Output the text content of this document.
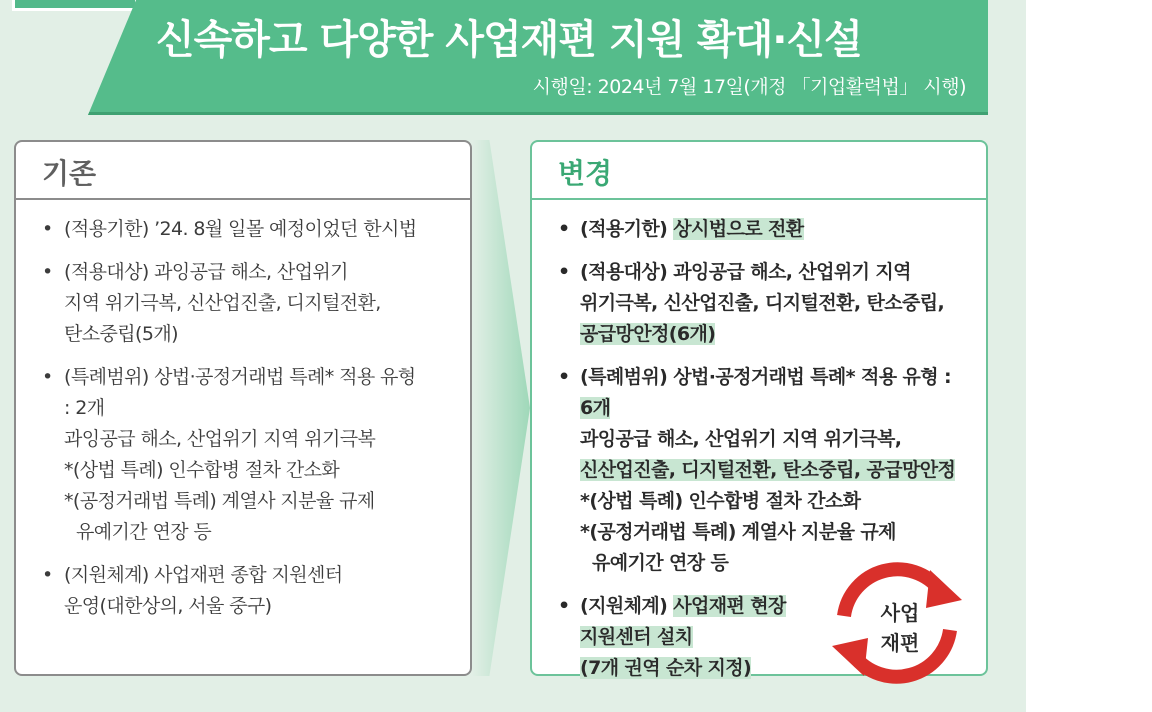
신속하고 다양한 사업재편 지원 확대·신설
시행일: 2024년 7월 17일(개정 「기업활력법」 시행)
기존
• (적용기한) ’24. 8월 일몰 예정이었던 한시법
• (적용대상) 과잉공급 해소, 산업위기
지역 위기극복, 신산업진출, 디지털전환,
탄소중립(5개)
• (특례범위) 상법·공정거래법 특례* 적용 유형
: 2개
과잉공급 해소, 산업위기 지역 위기극복
*(상법 특례) 인수합병 절차 간소화
*(공정거래법 특례) 계열사 지분율 규제
유예기간 연장 등
• (지원체계) 사업재편 종합 지원센터
운영(대한상의, 서울 중구)
변경
• (적용기한) 상시법으로 전환
• (적용대상) 과잉공급 해소, 산업위기 지역
위기극복, 신산업진출, 디지털전환, 탄소중립,
공급망안정(6개)
• (특례범위) 상법·공정거래법 특례* 적용 유형 :
6개
과잉공급 해소, 산업위기 지역 위기극복,
신산업진출, 디지털전환, 탄소중립, 공급망안정
*(상법 특례) 인수합병 절차 간소화
*(공정거래법 특례) 계열사 지분율 규제
유예기간 연장 등
• (지원체계) 사업재편 현장
지원센터 설치
(7개 권역 순차 지정)
사업
재편
